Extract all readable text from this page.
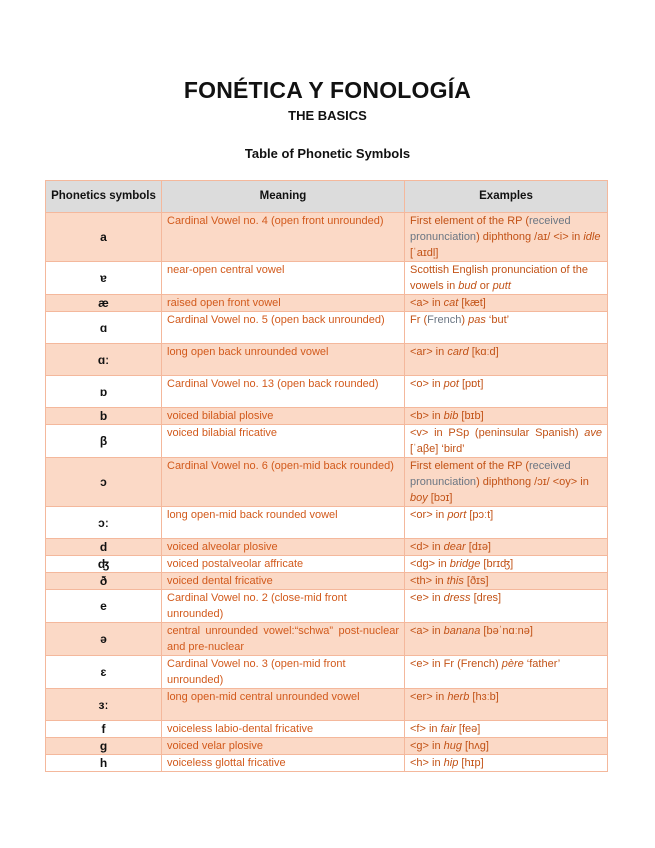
FONÉTICA Y FONOLOGÍA
THE BASICS
Table of Phonetic Symbols
Phonetics symbols	Meaning	Examples
a	Cardinal Vowel no. 4 (open front unrounded)	First element of the RP (received pronunciation) diphthong /aɪ/ <i> in idle [ˈaɪdl̩]
ɐ	near-open central vowel	Scottish English pronunciation of the vowels in bud or putt
æ	raised open front vowel	<a> in cat [kæt]
ɑ	Cardinal Vowel no. 5 (open back unrounded)	Fr (French) pas ‘but’
ɑː	long open back unrounded vowel	<ar> in card [kɑːd]
ɒ	Cardinal Vowel no. 13 (open back rounded)	<o> in pot [pɒt]
b	voiced bilabial plosive	<b> in bib [bɪb]
β	voiced bilabial fricative	<v> in PSp (peninsular Spanish) ave [ˈaβe] ‘bird’
ɔ	Cardinal Vowel no. 6 (open-mid back rounded)	First element of the RP (received pronunciation) diphthong /ɔɪ/ <oy> in boy [bɔɪ]
ɔː	long open-mid back rounded vowel	<or> in port [pɔːt]
d	voiced alveolar plosive	<d> in dear [dɪə]
ʤ	voiced postalveolar affricate	<dg> in bridge [brɪʤ]
ð	voiced dental fricative	<th> in this [ðɪs]
e	Cardinal Vowel no. 2 (close-mid front unrounded)	<e> in dress [dres]
ə	central unrounded vowel:“schwa” post-nuclear and pre-nuclear	<a> in banana [bəˈnɑːnə]
ɛ	Cardinal Vowel no. 3 (open-mid front unrounded)	<e> in Fr (French) père ‘father’
ɜː	long open-mid central unrounded vowel	<er> in herb [hɜːb]
f	voiceless labio-dental fricative	<f> in fair [feə]
g	voiced velar plosive	<g> in hug [hʌg]
h	voiceless glottal fricative	<h> in hip [hɪp]
